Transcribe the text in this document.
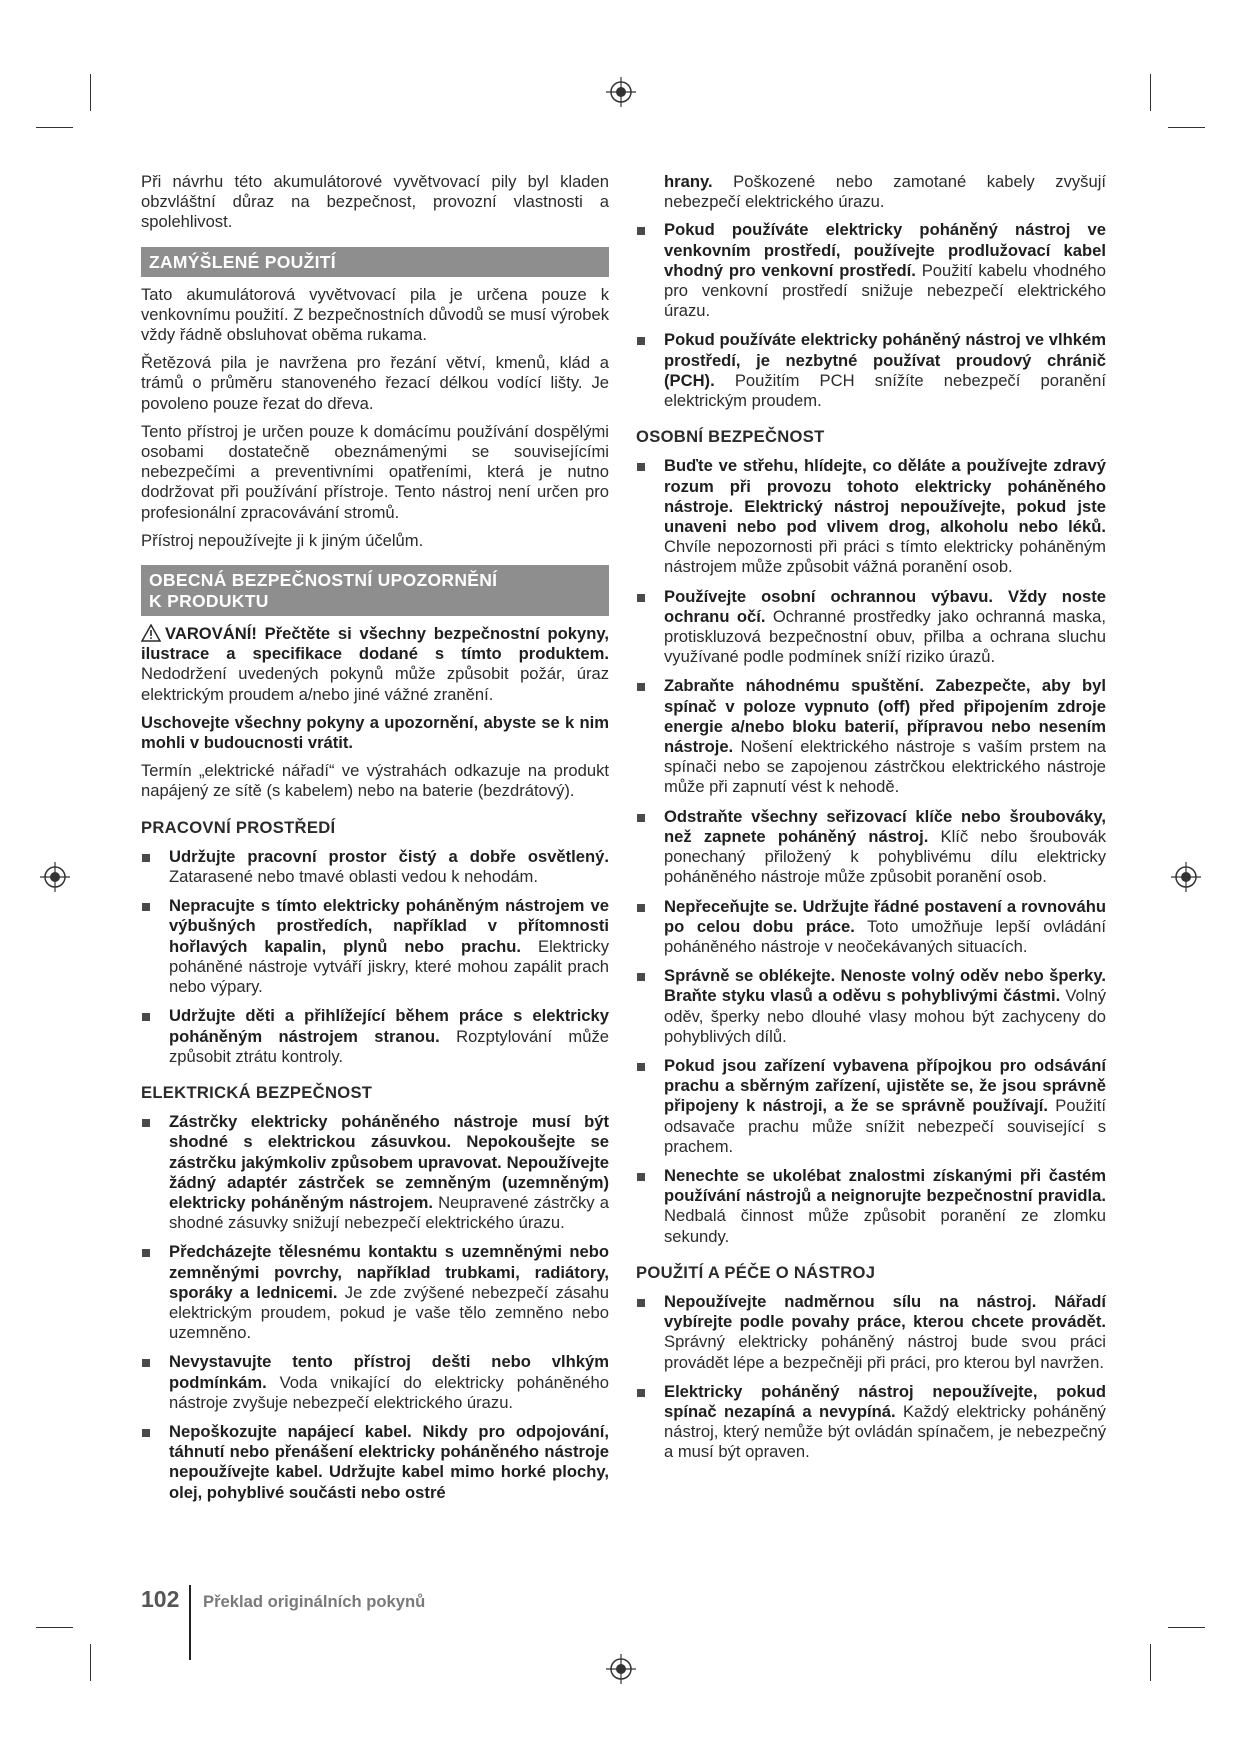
Při návrhu této akumulátorové vyvětvovací pily byl kladen obzvláštní důraz na bezpečnost, provozní vlastnosti a spolehlivost.

ZAMÝŠLENÉ POUŽITÍ

Tato akumulátorová vyvětvovací pila je určena pouze k venkovnímu použití. Z bezpečnostních důvodů se musí výrobek vždy řádně obsluhovat oběma rukama.

Řetězová pila je navržena pro řezání větví, kmenů, klád a trámů o průměru stanoveného řezací délkou vodící lišty. Je povoleno pouze řezat do dřeva.

Tento přístroj je určen pouze k domácímu používání dospělými osobami dostatečně obeznámenými se souvisejícími nebezpečími a preventivními opatřeními, která je nutno dodržovat při používání přístroje. Tento nástroj není určen pro profesionální zpracovávání stromů.

Přístroj nepoužívejte ji k jiným účelům.

OBECNÁ BEZPEČNOSTNÍ UPOZORNĚNÍ
K PRODUKTU

VAROVÁNÍ! Přečtěte si všechny bezpečnostní pokyny, ilustrace a specifikace dodané s tímto produktem. Nedodržení uvedených pokynů může způsobit požár, úraz elektrickým proudem a/nebo jiné vážné zranění.

Uschovejte všechny pokyny a upozornění, abyste se k nim mohli v budoucnosti vrátit.

Termín „elektrické nářadí“ ve výstrahách odkazuje na produkt napájený ze sítě (s kabelem) nebo na baterie (bezdrátový).

PRACOVNÍ PROSTŘEDÍ
Udržujte pracovní prostor čistý a dobře osvětlený. Zatarasené nebo tmavé oblasti vedou k nehodám.
Nepracujte s tímto elektricky poháněným nástrojem ve výbušných prostředích, například v přítomnosti hořlavých kapalin, plynů nebo prachu. Elektricky poháněné nástroje vytváří jiskry, které mohou zapálit prach nebo výpary.
Udržujte děti a přihlížející během práce s elektricky poháněným nástrojem stranou. Rozptylování může způsobit ztrátu kontroly.
ELEKTRICKÁ BEZPEČNOST
Zástrčky elektricky poháněného nástroje musí být shodné s elektrickou zásuvkou. Nepokoušejte se zástrčku jakýmkoliv způsobem upravovat. Nepoužívejte žádný adaptér zástrček se zemněným (uzemněným) elektricky poháněným nástrojem. Neupravené zástrčky a shodné zásuvky snižují nebezpečí elektrického úrazu.
Předcházejte tělesnému kontaktu s uzemněnými nebo zemněnými povrchy, například trubkami, radiátory, sporáky a lednicemi. Je zde zvýšené nebezpečí zásahu elektrickým proudem, pokud je vaše tělo zemněno nebo uzemněno.
Nevystavujte tento přístroj dešti nebo vlhkým podmínkám. Voda vnikající do elektricky poháněného nástroje zvyšuje nebezpečí elektrického úrazu.
Nepoškozujte napájecí kabel. Nikdy pro odpojování, táhnutí nebo přenášení elektricky poháněného nástroje nepoužívejte kabel. Udržujte kabel mimo horké plochy, olej, pohyblivé součásti nebo ostré

hrany. Poškozené nebo zamotané kabely zvyšují nebezpečí elektrického úrazu.

Pokud používáte elektricky poháněný nástroj ve venkovním prostředí, používejte prodlužovací kabel vhodný pro venkovní prostředí. Použití kabelu vhodného pro venkovní prostředí snižuje nebezpečí elektrického úrazu.
Pokud používáte elektricky poháněný nástroj ve vlhkém prostředí, je nezbytné používat proudový chránič (PCH). Použitím PCH snížíte nebezpečí poranění elektrickým proudem.
OSOBNÍ BEZPEČNOST
Buďte ve střehu, hlídejte, co děláte a používejte zdravý rozum při provozu tohoto elektricky poháněného nástroje. Elektrický nástroj nepoužívejte, pokud jste unaveni nebo pod vlivem drog, alkoholu nebo léků. Chvíle nepozornosti při práci s tímto elektricky poháněným nástrojem může způsobit vážná poranění osob.
Používejte osobní ochrannou výbavu. Vždy noste ochranu očí. Ochranné prostředky jako ochranná maska, protiskluzová bezpečnostní obuv, přilba a ochrana sluchu využívané podle podmínek sníží riziko úrazů.
Zabraňte náhodnému spuštění. Zabezpečte, aby byl spínač v poloze vypnuto (off) před připojením zdroje energie a/nebo bloku baterií, přípravou nebo nesením nástroje. Nošení elektrického nástroje s vaším prstem na spínači nebo se zapojenou zástrčkou elektrického nástroje může při zapnutí vést k nehodě.
Odstraňte všechny seřizovací klíče nebo šroubováky, než zapnete poháněný nástroj. Klíč nebo šroubovák ponechaný přiložený k pohyblivému dílu elektricky poháněného nástroje může způsobit poranění osob.
Nepřeceňujte se. Udržujte řádné postavení a rovnováhu po celou dobu práce. Toto umožňuje lepší ovládání poháněného nástroje v neočekávaných situacích.
Správně se oblékejte. Nenoste volný oděv nebo šperky. Braňte styku vlasů a oděvu s pohyblivými částmi. Volný oděv, šperky nebo dlouhé vlasy mohou být zachyceny do pohyblivých dílů.
Pokud jsou zařízení vybavena přípojkou pro odsávání prachu a sběrným zařízení, ujistěte se, že jsou správně připojeny k nástroji, a že se správně používají. Použití odsavače prachu může snížit nebezpečí související s prachem.
Nenechte se ukolébat znalostmi získanými při častém používání nástrojů a neignorujte bezpečnostní pravidla. Nedbalá činnost může způsobit poranění ze zlomku sekundy.
POUŽITÍ A PÉČE O NÁSTROJ
Nepoužívejte nadměrnou sílu na nástroj. Nářadí vybírejte podle povahy práce, kterou chcete provádět. Správný elektricky poháněný nástroj bude svou práci provádět lépe a bezpečněji při práci, pro kterou byl navržen.
Elektricky poháněný nástroj nepoužívejte, pokud spínač nezapíná a nevypíná. Každý elektricky poháněný nástroj, který nemůže být ovládán spínačem, je nebezpečný a musí být opraven.
102 Překlad originálních pokynů
